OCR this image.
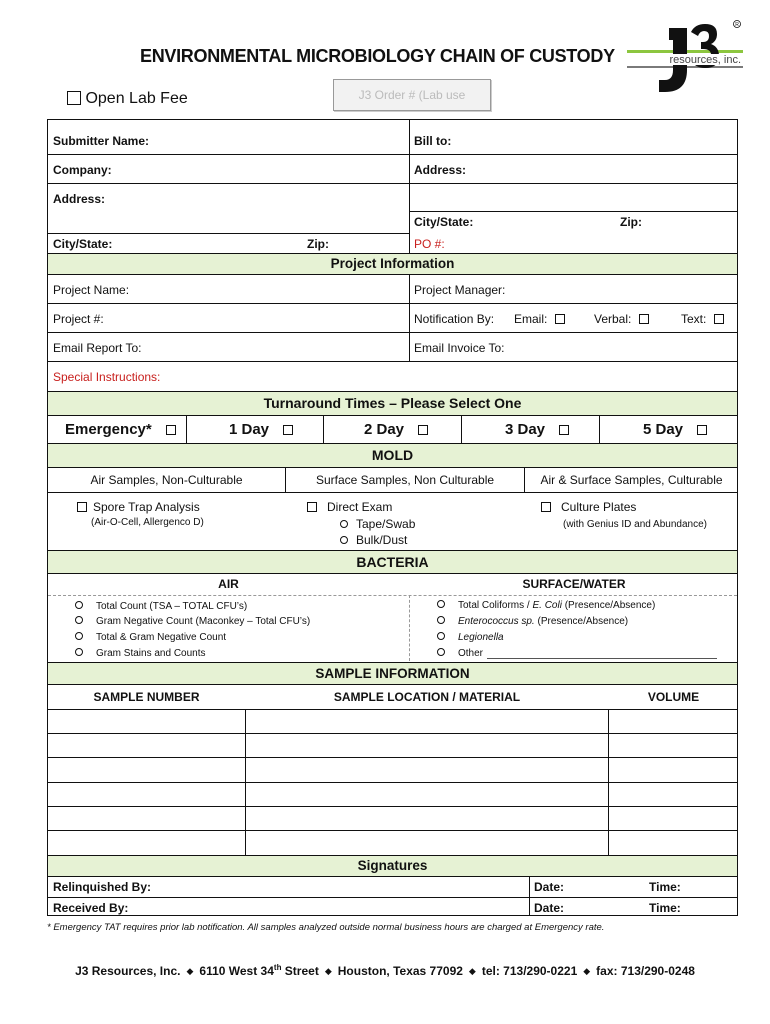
ENVIRONMENTAL MICROBIOLOGY CHAIN OF CUSTODY
Open Lab Fee	J3 Order # (Lab use
resources, inc.
R
Submitter Name:	Bill to:
Company:	Address:
Address:
City/State:	Zip:
City/State:	Zip:	PO #:
Project Information
Project Name:	Project Manager:
Project #:	Notification By: Email:	Verbal:	Text:
Email Report To:	Email Invoice To:
Special Instructions:
Turnaround Times – Please Select One
Emergency*	1 Day	2 Day	3 Day	5 Day
MOLD
Air Samples, Non-Culturable	Surface Samples, Non Culturable	Air & Surface Samples, Culturable
Spore Trap Analysis
(Air-O-Cell, Allergenco D)
Direct Exam
Tape/Swab
Bulk/Dust
Culture Plates
(with Genius ID and Abundance)
BACTERIA
AIR	SURFACE/WATER
Total Count (TSA – TOTAL CFU’s)
Gram Negative Count (Maconkey – Total CFU’s)
Total & Gram Negative Count
Gram Stains and Counts
Total Coliforms / E. Coli (Presence/Absence)
Enterococcus sp. (Presence/Absence)
Legionella
Other
SAMPLE INFORMATION
SAMPLE NUMBER	SAMPLE LOCATION / MATERIAL	VOLUME
Signatures
Relinquished By:	Date:	Time:
Received By:	Date:	Time:
* Emergency TAT requires prior lab notification. All samples analyzed outside normal business hours are charged at Emergency rate.
J3 Resources, Inc. ◆ 6110 West 34th Street ◆ Houston, Texas 77092 ◆ tel: 713/290-0221 ◆ fax: 713/290-0248
